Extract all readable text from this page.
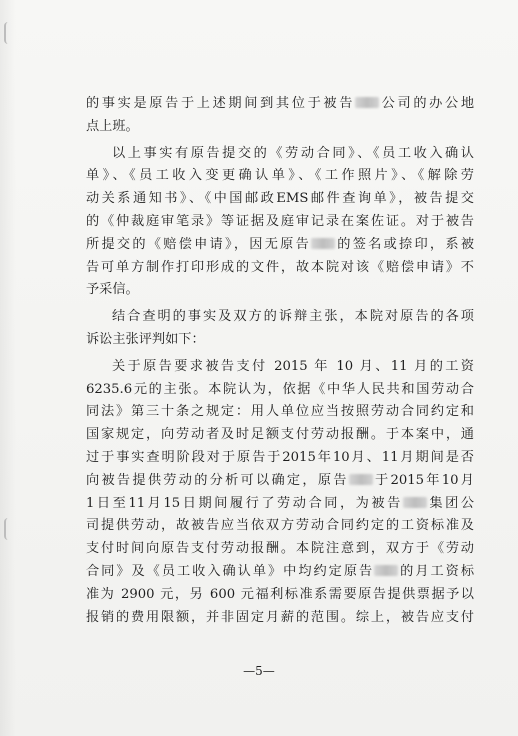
的事实是原告于上述期间到其位于被告 公司的办公地
点上班。
以上事实有原告提交的《劳动合同》、《员工收入确认
单》、《员工收入变更确认单》、《工作照片》、《解除劳
动关系通知书》、《中国邮政EMS邮件查询单》，被告提交
的《仲裁庭审笔录》等证据及庭审记录在案佐证。对于被告
所提交的《赔偿申请》，因无原告 的签名或捺印，系被
告可单方制作打印形成的文件，故本院对该《赔偿申请》不
予采信。
结合查明的事实及双方的诉辩主张，本院对原告的各项
诉讼主张评判如下：
关于原告要求被告支付 2015 年 10 月、11 月的工资
6235.6元的主张。本院认为，依据《中华人民共和国劳动合
同法》第三十条之规定：用人单位应当按照劳动合同约定和
国家规定，向劳动者及时足额支付劳动报酬。于本案中，通
过于事实查明阶段对于原告于2015年10月、11月期间是否
向被告提供劳动的分析可以确定，原告 于2015年10月
1日至11月15日期间履行了劳动合同，为被告 集团公
司提供劳动，故被告应当依双方劳动合同约定的工资标准及
支付时间向原告支付劳动报酬。本院注意到，双方于《劳动
合同》及《员工收入确认单》中均约定原告 的月工资标
准为 2900 元，另 600 元福利标准系需要原告提供票据予以
报销的费用限额，并非固定月薪的范围。综上，被告应支付
—5—
